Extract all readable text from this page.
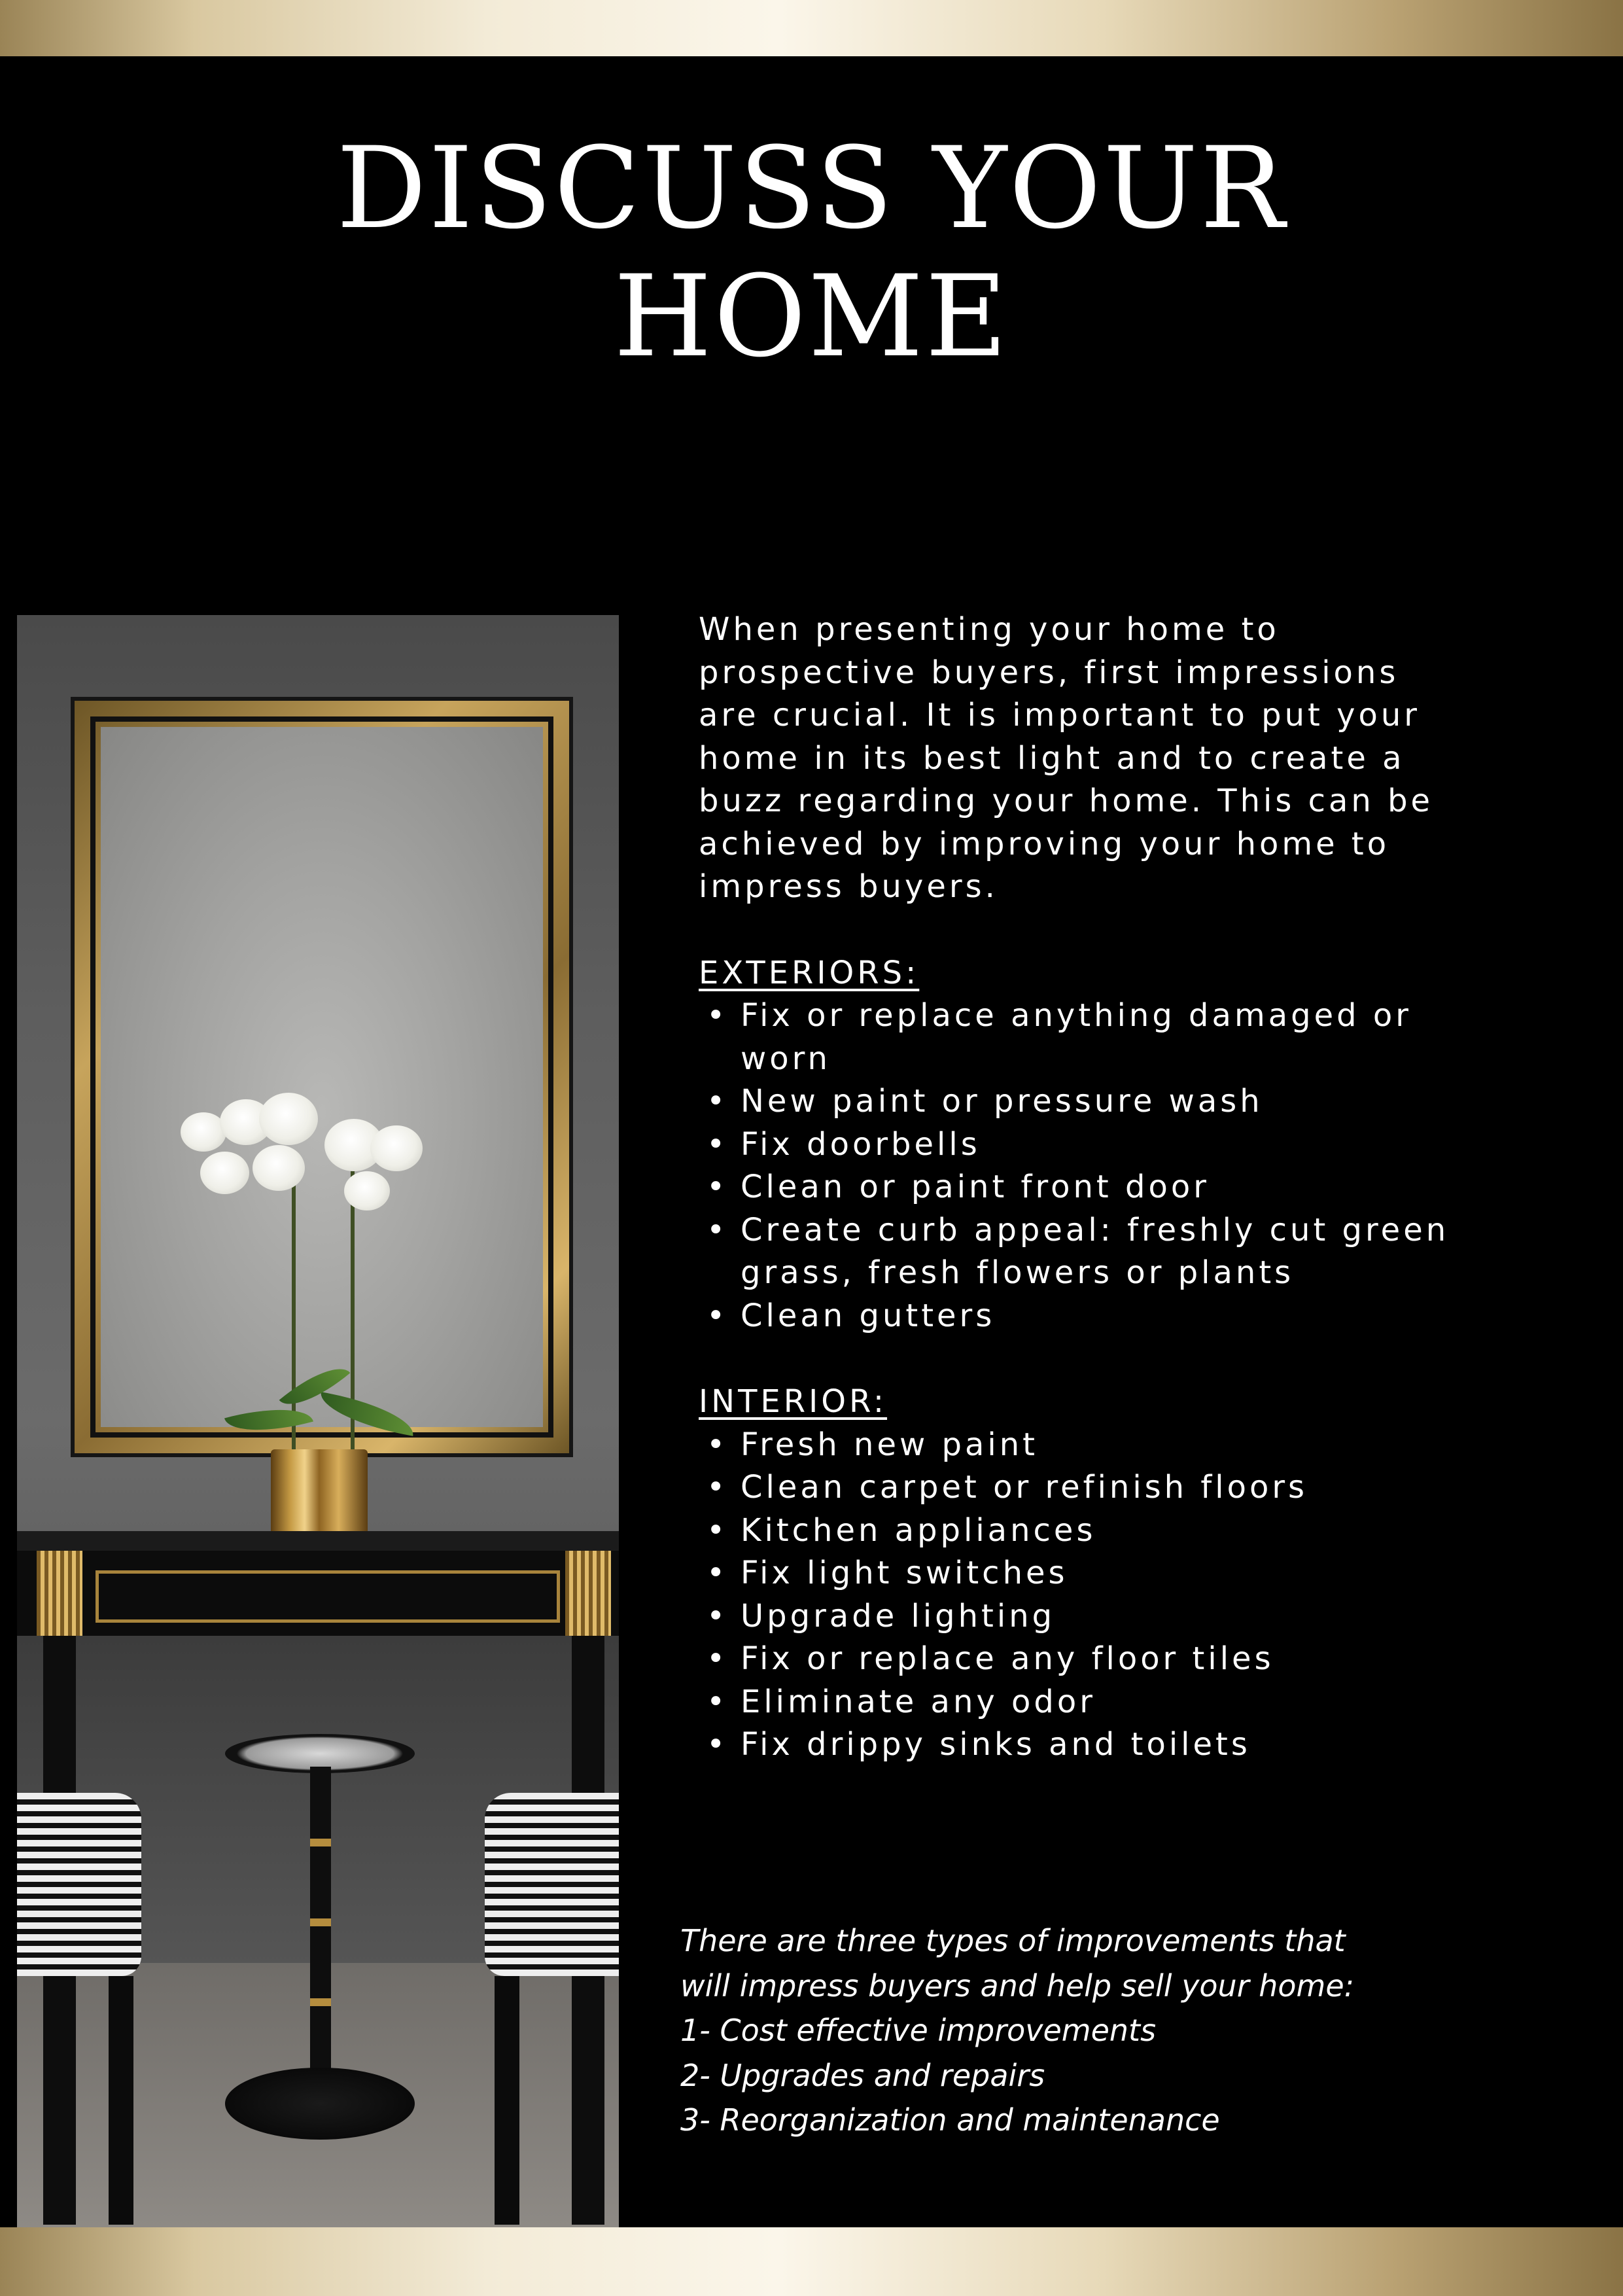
DISCUSS YOUR
HOME

When presenting your home to prospective buyers, first impressions are crucial. It is important to put your home in its best light and to create a buzz regarding your home. This can be achieved by improving your home to impress buyers.

EXTERIORS:

• Fix or replace anything damaged or worn
• New paint or pressure wash
• Fix doorbells
• Clean or paint front door
• Create curb appeal: freshly cut green grass, fresh flowers or plants
• Clean gutters

INTERIOR:

• Fresh new paint
• Clean carpet or refinish floors
• Kitchen appliances
• Fix light switches
• Upgrade lighting
• Fix or replace any floor tiles
• Eliminate any odor
• Fix drippy sinks and toilets
There are three types of improvements that
will impress buyers and help sell your home:
1- Cost effective improvements
2- Upgrades and repairs
3- Reorganization and maintenance
